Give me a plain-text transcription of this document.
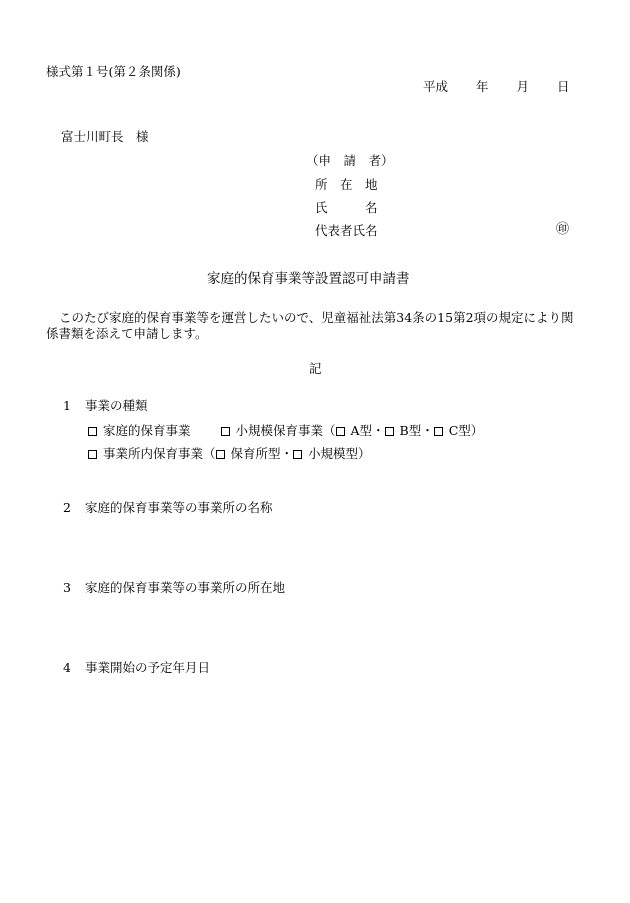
様式第１号(第２条関係)
平成 年 月 日
富士川町長　様
（申　請　者）
所　在　地
氏　　　名
代表者氏名	㊞
家庭的保育事業等設置認可申請書
このたび家庭的保育事業等を運営したいので、児童福祉法第34条の15第2項の規定により関係書類を添えて申請します。
記
1 事業の種類
家庭的保育事業	小規模保育事業（ A型・ B型・ C型）
事業所内保育事業（ 保育所型・ 小規模型）
2 家庭的保育事業等の事業所の名称
3 家庭的保育事業等の事業所の所在地
4 事業開始の予定年月日
